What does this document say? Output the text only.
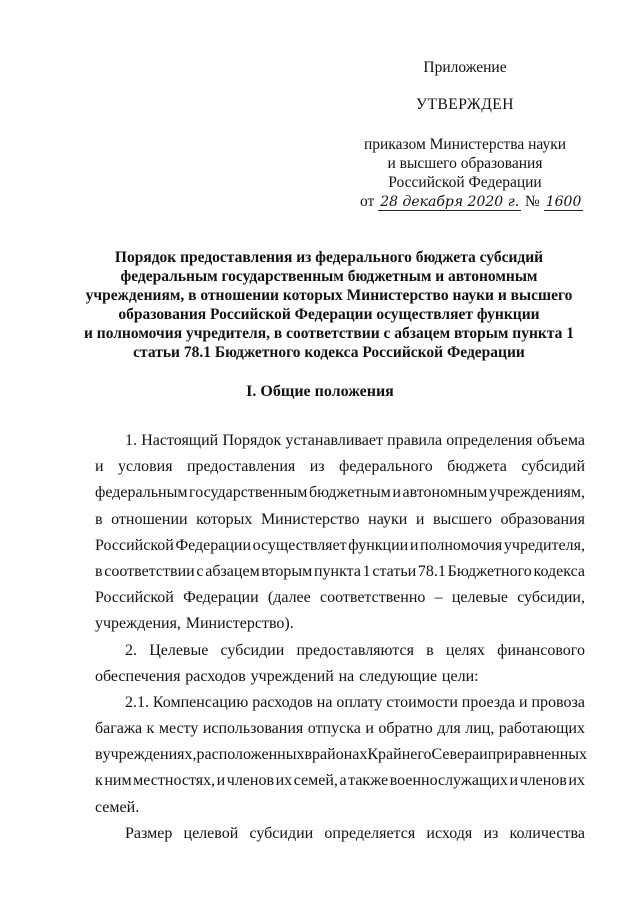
Приложение

УТВЕРЖДЕН

приказом Министерства науки

и высшего образования

Российской Федерации

от 28 декабря 2020 г. № 1600

Порядок предоставления из федерального бюджета субсидий
федеральным государственным бюджетным и автономным
учреждениям, в отношении которых Министерство науки и высшего
образования Российской Федерации осуществляет функции
и полномочия учредителя, в соответствии с абзацем вторым пункта 1
статьи 78.1 Бюджетного кодекса Российской Федерации
I. Общие положения
1. Настоящий Порядок устанавливает правила определения объема
и условия предоставления из федерального бюджета субсидий
федеральным государственным бюджетным и автономным учреждениям,
в отношении которых Министерство науки и высшего образования
Российской Федерации осуществляет функции и полномочия учредителя,
в соответствии с абзацем вторым пункта 1 статьи 78.1 Бюджетного кодекса
Российской Федерации (далее соответственно – целевые субсидии,
учреждения, Министерство).
2. Целевые субсидии предоставляются в целях финансового
обеспечения расходов учреждений на следующие цели:
2.1. Компенсацию расходов на оплату стоимости проезда и провоза
багажа к месту использования отпуска и обратно для лиц, работающих
в учреждениях, расположенных в районах Крайнего Севера и приравненных
к ним местностях, и членов их семей, а также военнослужащих и членов их
семей.
Размер целевой субсидии определяется исходя из количества
